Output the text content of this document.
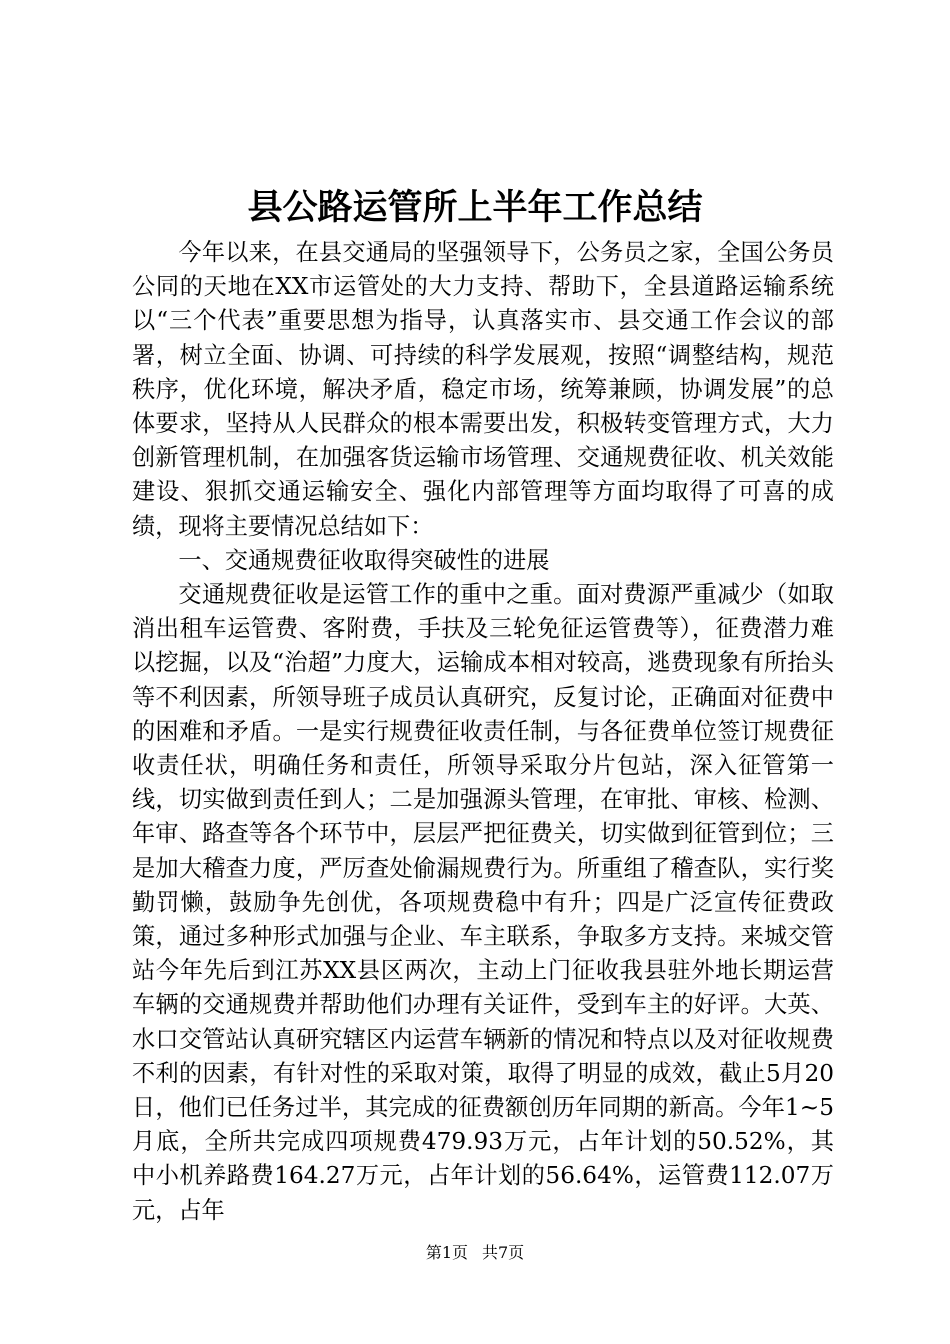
县公路运管所上半年工作总结

今年以来，在县交通局的坚强领导下，公务员之家，全国公务员公同的天地在XX市运管处的大力支持、帮助下，全县道路运输系统以“三个代表”重要思想为指导，认真落实市、县交通工作会议的部署，树立全面、协调、可持续的科学发展观，按照“调整结构，规范秩序，优化环境，解决矛盾，稳定市场，统筹兼顾，协调发展”的总体要求，坚持从人民群众的根本需要出发，积极转变管理方式，大力创新管理机制，在加强客货运输市场管理、交通规费征收、机关效能建设、狠抓交通运输安全、强化内部管理等方面均取得了可喜的成绩，现将主要情况总结如下：

一、交通规费征收取得突破性的进展

交通规费征收是运管工作的重中之重。面对费源严重减少（如取消出租车运管费、客附费，手扶及三轮免征运管费等），征费潜力难以挖掘，以及“治超”力度大，运输成本相对较高，逃费现象有所抬头等不利因素，所领导班子成员认真研究，反复讨论，正确面对征费中的困难和矛盾。一是实行规费征收责任制，与各征费单位签订规费征收责任状，明确任务和责任，所领导采取分片包站，深入征管第一线，切实做到责任到人；二是加强源头管理，在审批、审核、检测、年审、路查等各个环节中，层层严把征费关，切实做到征管到位；三是加大稽查力度，严厉查处偷漏规费行为。所重组了稽查队，实行奖勤罚懒，鼓励争先创优，各项规费稳中有升；四是广泛宣传征费政策，通过多种形式加强与企业、车主联系，争取多方支持。来城交管站今年先后到江苏XX县区两次，主动上门征收我县驻外地长期运营车辆的交通规费并帮助他们办理有关证件，受到车主的好评。大英、水口交管站认真研究辖区内运营车辆新的情况和特点以及对征收规费不利的因素，有针对性的采取对策，取得了明显的成效，截止5月20日，他们已任务过半，其完成的征费额创历年同期的新高。今年1~5月底，全所共完成四项规费479.93万元，占年计划的50.52%，其中小机养路费164.27万元，占年计划的56.64%，运管费112.07万元，占年

第1页 共7页
